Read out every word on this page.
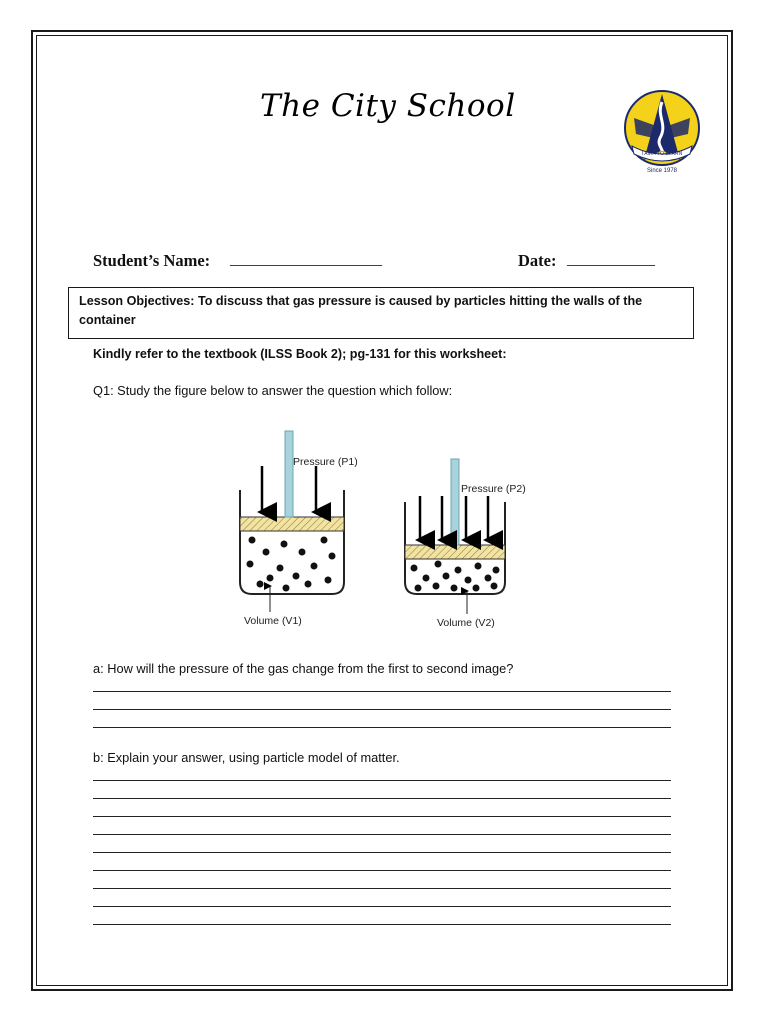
The City School
I AM... TO LEARN
Since 1978
Student’s Name: ___________________	Date: ___________
Lesson Objectives: To discuss that gas pressure is caused by particles hitting the walls of the container
Kindly refer to the textbook (ILSS Book 2); pg-131 for this worksheet:
Q1: Study the figure below to answer the question which follow:
Pressure (P1)
Volume (V1)
Pressure (P2)
Volume (V2)
a: How will the pressure of the gas change from the first to second image?
b: Explain your answer, using particle model of matter.
